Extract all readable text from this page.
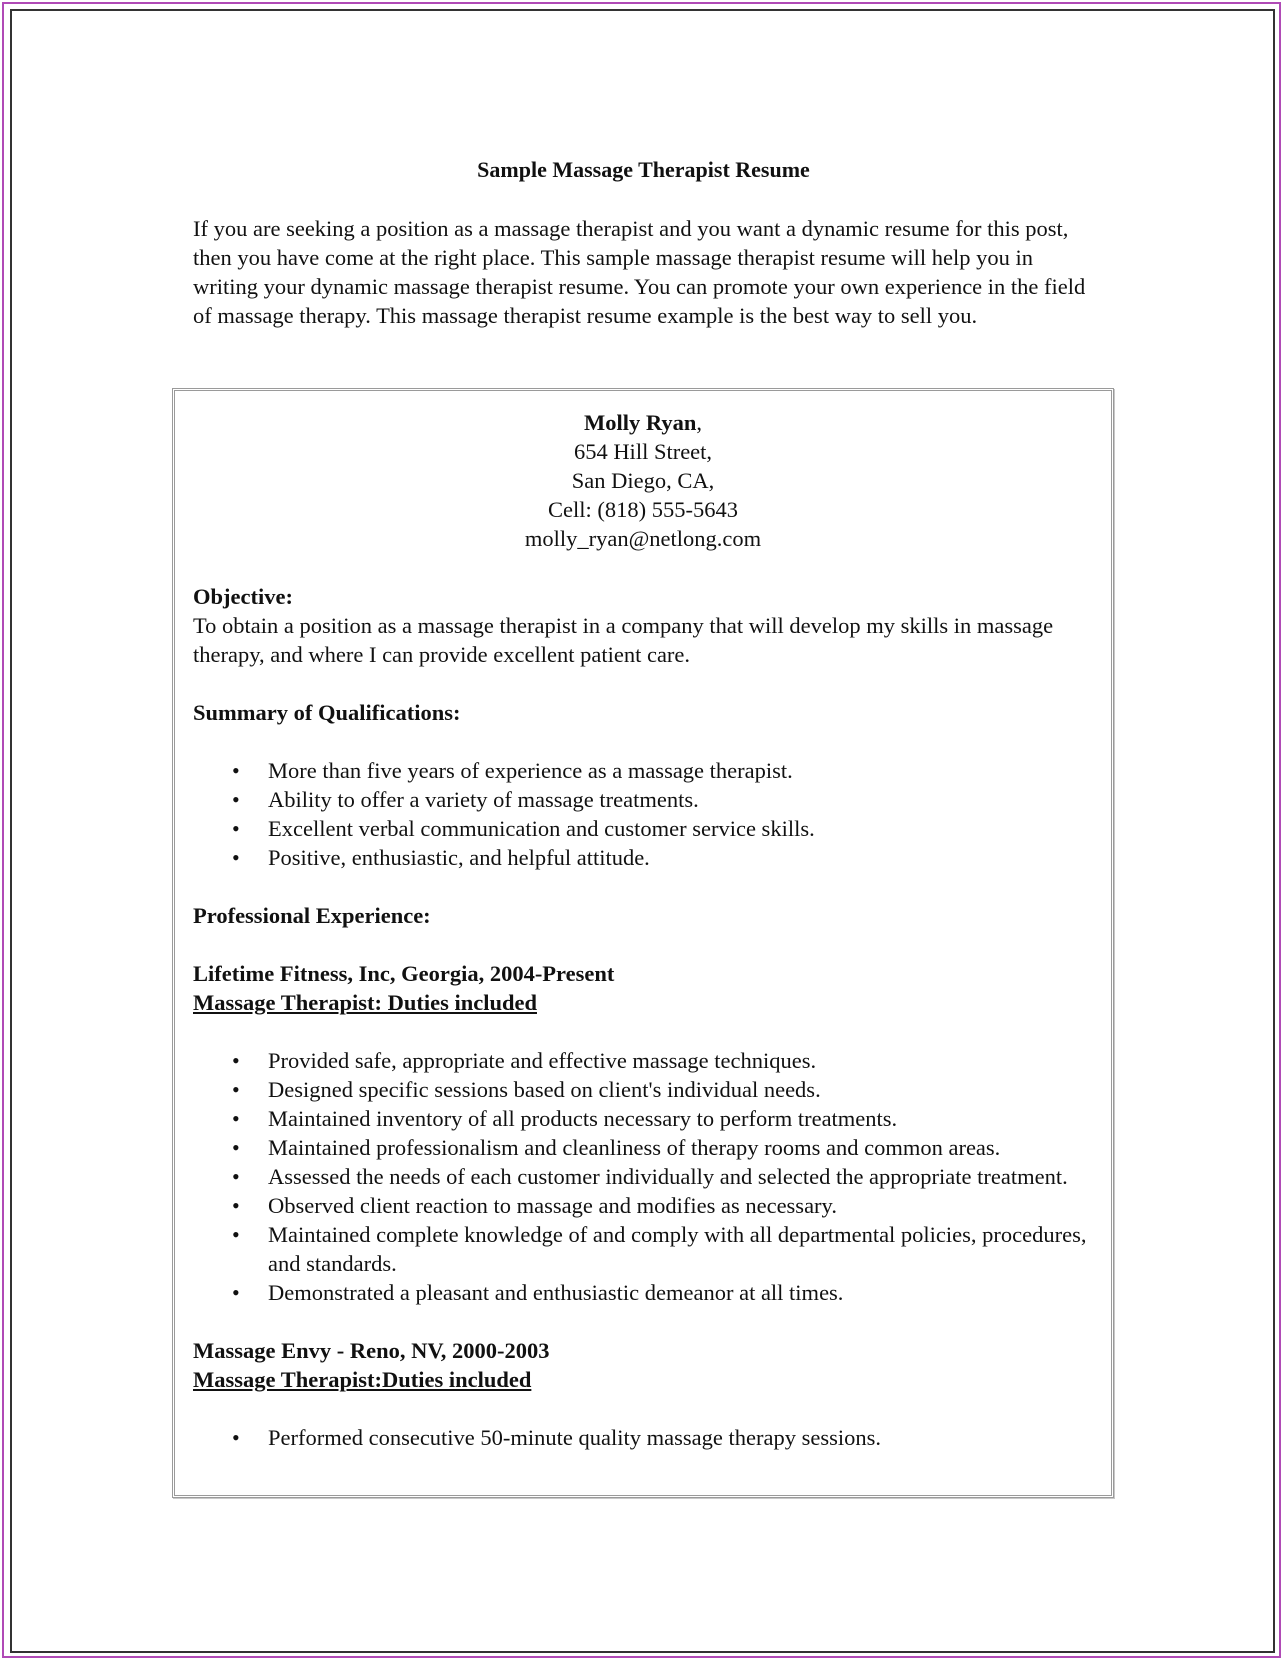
Sample Massage Therapist Resume

If you are seeking a position as a massage therapist and you want a dynamic resume for this post, then you have come at the right place. This sample massage therapist resume will help you in writing your dynamic massage therapist resume. You can promote your own experience in the field of massage therapy. This massage therapist resume example is the best way to sell you.

Molly Ryan,
654 Hill Street,
San Diego, CA,
Cell: (818) 555-5643
molly_ryan@netlong.com

Objective:

To obtain a position as a massage therapist in a company that will develop my skills in massage therapy, and where I can provide excellent patient care.

Summary of Qualifications:

• More than five years of experience as a massage therapist.
• Ability to offer a variety of massage treatments.
• Excellent verbal communication and customer service skills.
• Positive, enthusiastic, and helpful attitude.

Professional Experience:

Lifetime Fitness, Inc, Georgia, 2004-Present
Massage Therapist: Duties included
• Provided safe, appropriate and effective massage techniques.
• Designed specific sessions based on client's individual needs.
• Maintained inventory of all products necessary to perform treatments.
• Maintained professionalism and cleanliness of therapy rooms and common areas.
• Assessed the needs of each customer individually and selected the appropriate treatment.
• Observed client reaction to massage and modifies as necessary.
• Maintained complete knowledge of and comply with all departmental policies, procedures, and standards.
• Demonstrated a pleasant and enthusiastic demeanor at all times.
Massage Envy - Reno, NV, 2000-2003
Massage Therapist:Duties included
• Performed consecutive 50-minute quality massage therapy sessions.
